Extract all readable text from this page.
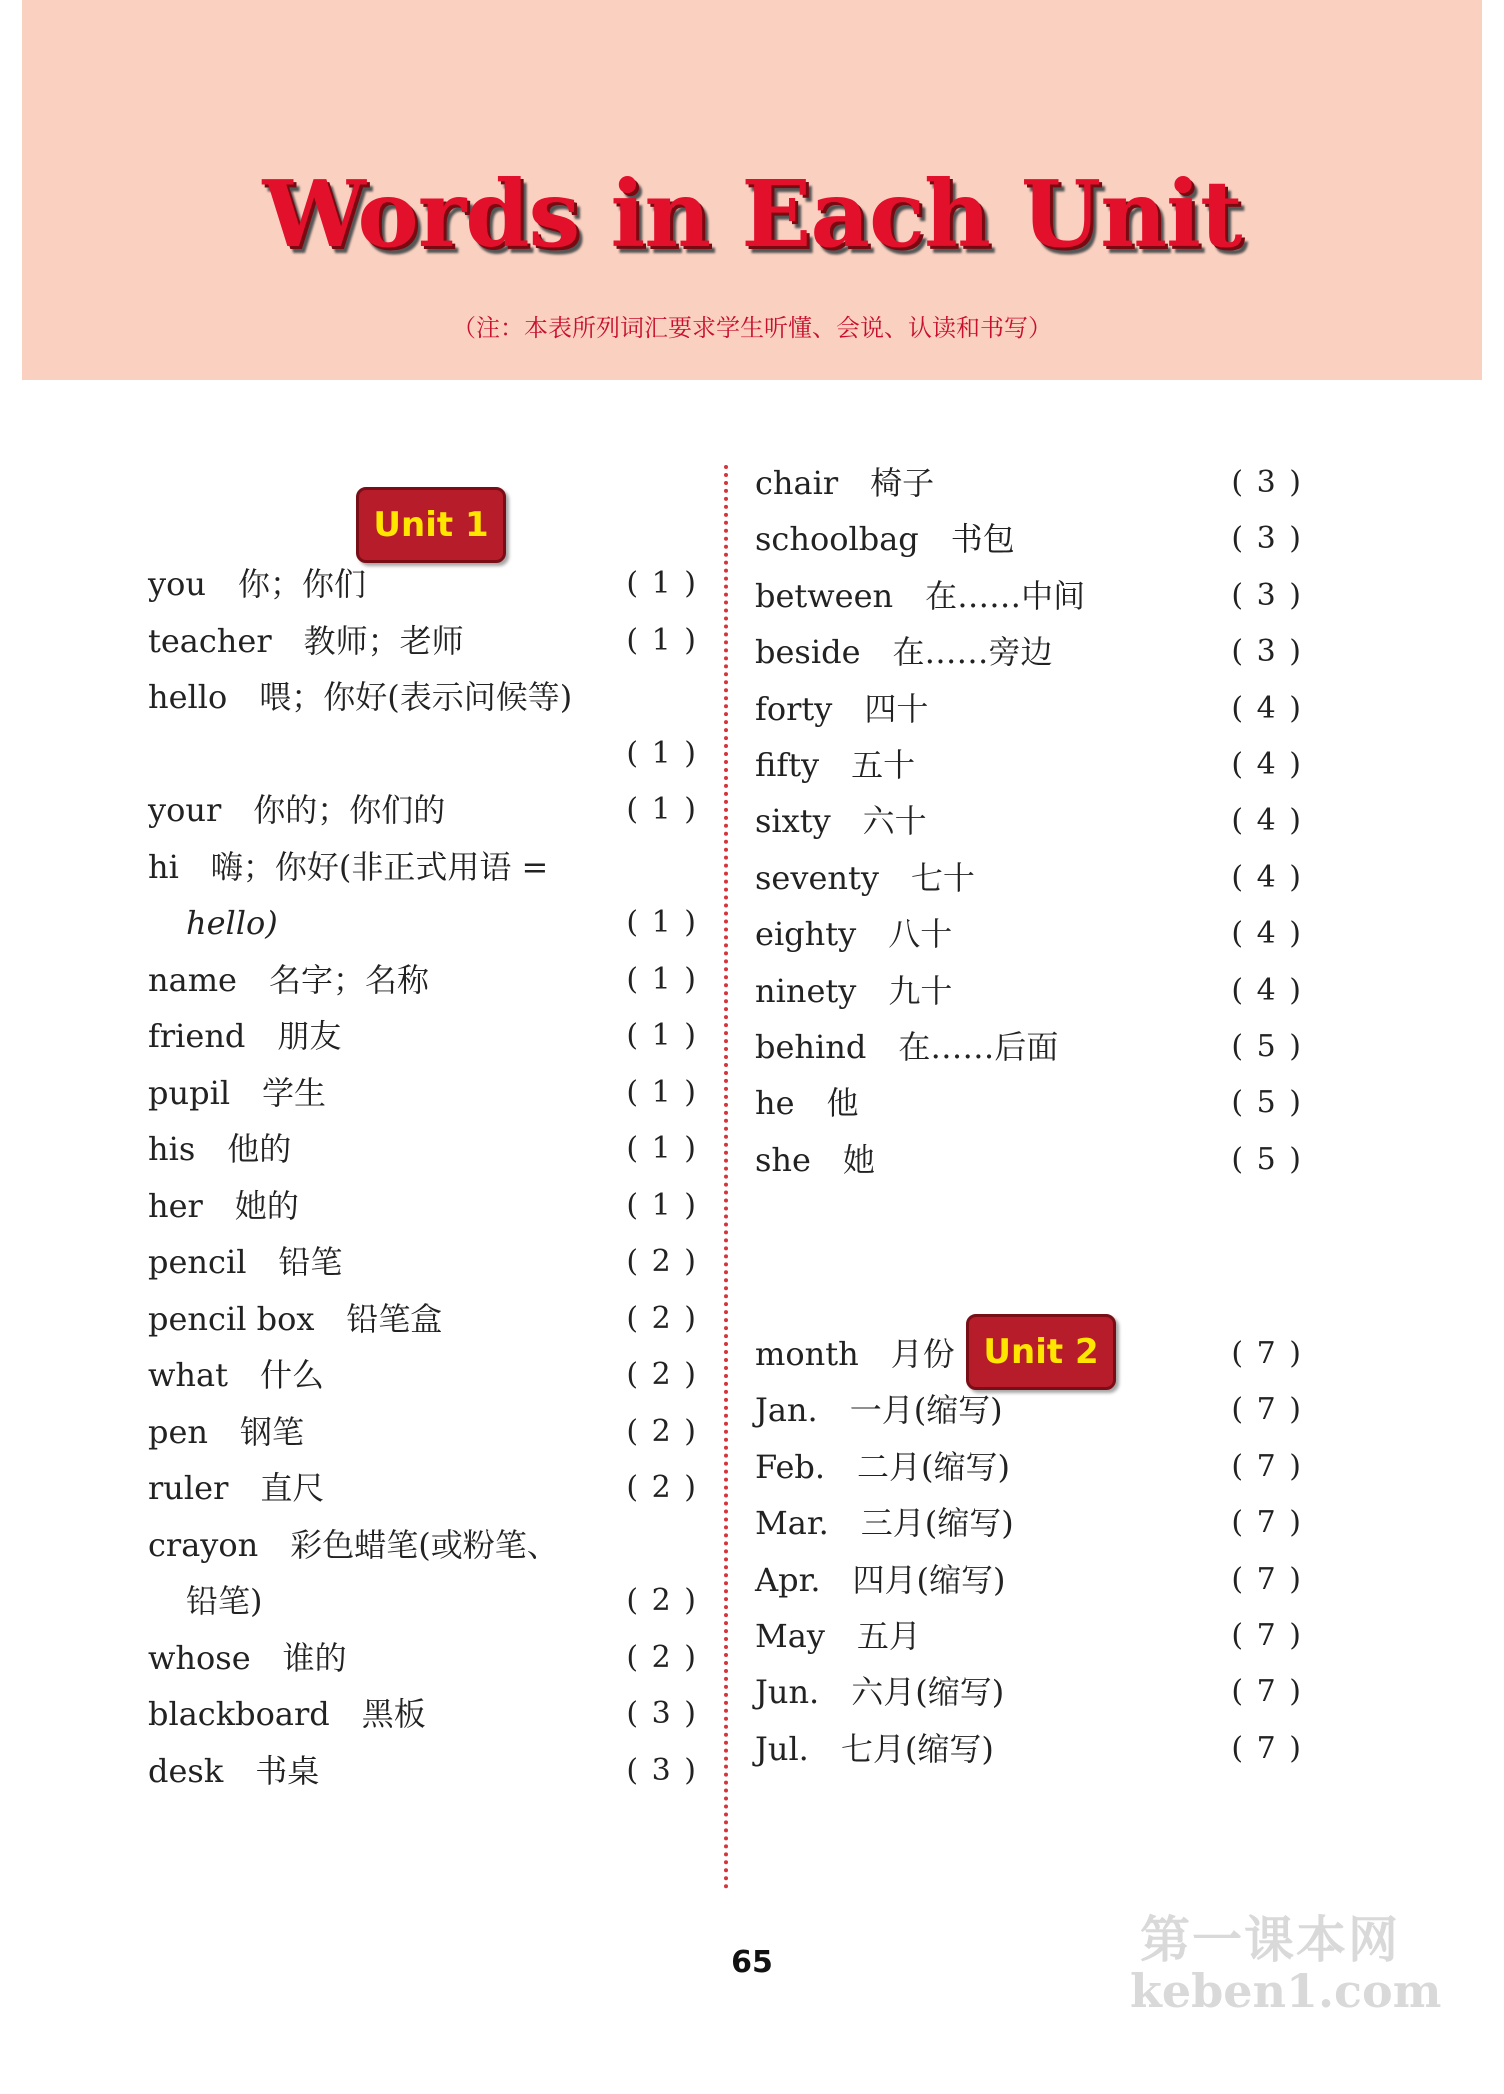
Words in Each Unit
（注：本表所列词汇要求学生听懂、会说、认读和书写）
Unit 1
Unit 2
you 你；你们	( 1 )
teacher 教师；老师	( 1 )
hello 喂；你好(表示问候等)
( 1 )
your 你的；你们的	( 1 )
hi 嗨；你好(非正式用语 =
hello)	( 1 )
name 名字；名称	( 1 )
friend 朋友	( 1 )
pupil 学生	( 1 )
his 他的	( 1 )
her 她的	( 1 )
pencil 铅笔	( 2 )
pencil box 铅笔盒	( 2 )
what 什么	( 2 )
pen 钢笔	( 2 )
ruler 直尺	( 2 )
crayon 彩色蜡笔(或粉笔、
铅笔)	( 2 )
whose 谁的	( 2 )
blackboard 黑板	( 3 )
desk 书桌	( 3 )
chair 椅子	( 3 )
schoolbag 书包	( 3 )
between 在……中间	( 3 )
beside 在……旁边	( 3 )
forty 四十	( 4 )
fifty 五十	( 4 )
sixty 六十	( 4 )
seventy 七十	( 4 )
eighty 八十	( 4 )
ninety 九十	( 4 )
behind 在……后面	( 5 )
he 他	( 5 )
she 她	( 5 )
month 月份	( 7 )
Jan. 一月(缩写)	( 7 )
Feb. 二月(缩写)	( 7 )
Mar. 三月(缩写)	( 7 )
Apr. 四月(缩写)	( 7 )
May 五月	( 7 )
Jun. 六月(缩写)	( 7 )
Jul. 七月(缩写)	( 7 )
65	第一课本网
keben1.com
